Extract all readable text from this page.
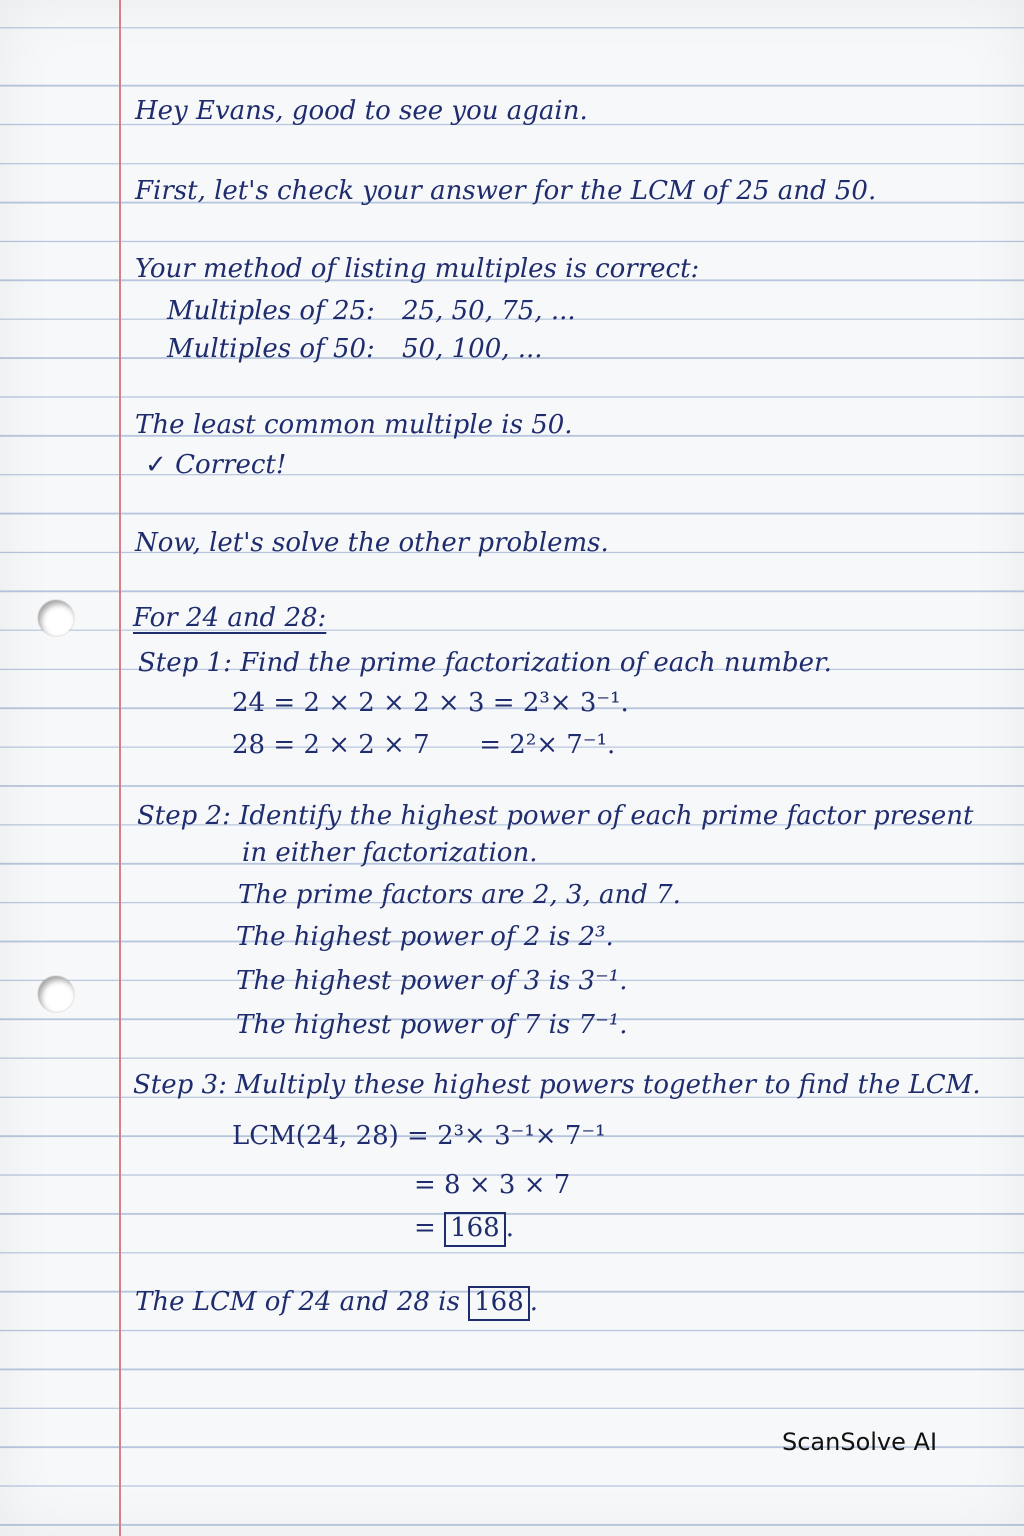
Hey Evans, good to see you again.
First, let's check your answer for the LCM of 25 and 50.
Your method of listing multiples is correct:
Multiples of 25: 25, 50, 75, ...
Multiples of 50: 50, 100, ...
The least common multiple is 50.
✓ Correct!
Now, let's solve the other problems.
For 24 and 28:
Step 1: Find the prime factorization of each number.
24 = 2 × 2 × 2 × 3 = 2³× 3⁻¹.
28 = 2 × 2 × 7      = 2²× 7⁻¹.
Step 2: Identify the highest power of each prime factor present
in either factorization.
The prime factors are 2, 3, and 7.
The highest power of 2 is 2³.
The highest power of 3 is 3⁻¹.
The highest power of 7 is 7⁻¹.
Step 3: Multiply these highest powers together to find the LCM.
LCM(24, 28) = 2³× 3⁻¹× 7⁻¹
= 8 × 3 × 7
= 168 .
The LCM of 24 and 28 is 168 .
ScanSolve AI
